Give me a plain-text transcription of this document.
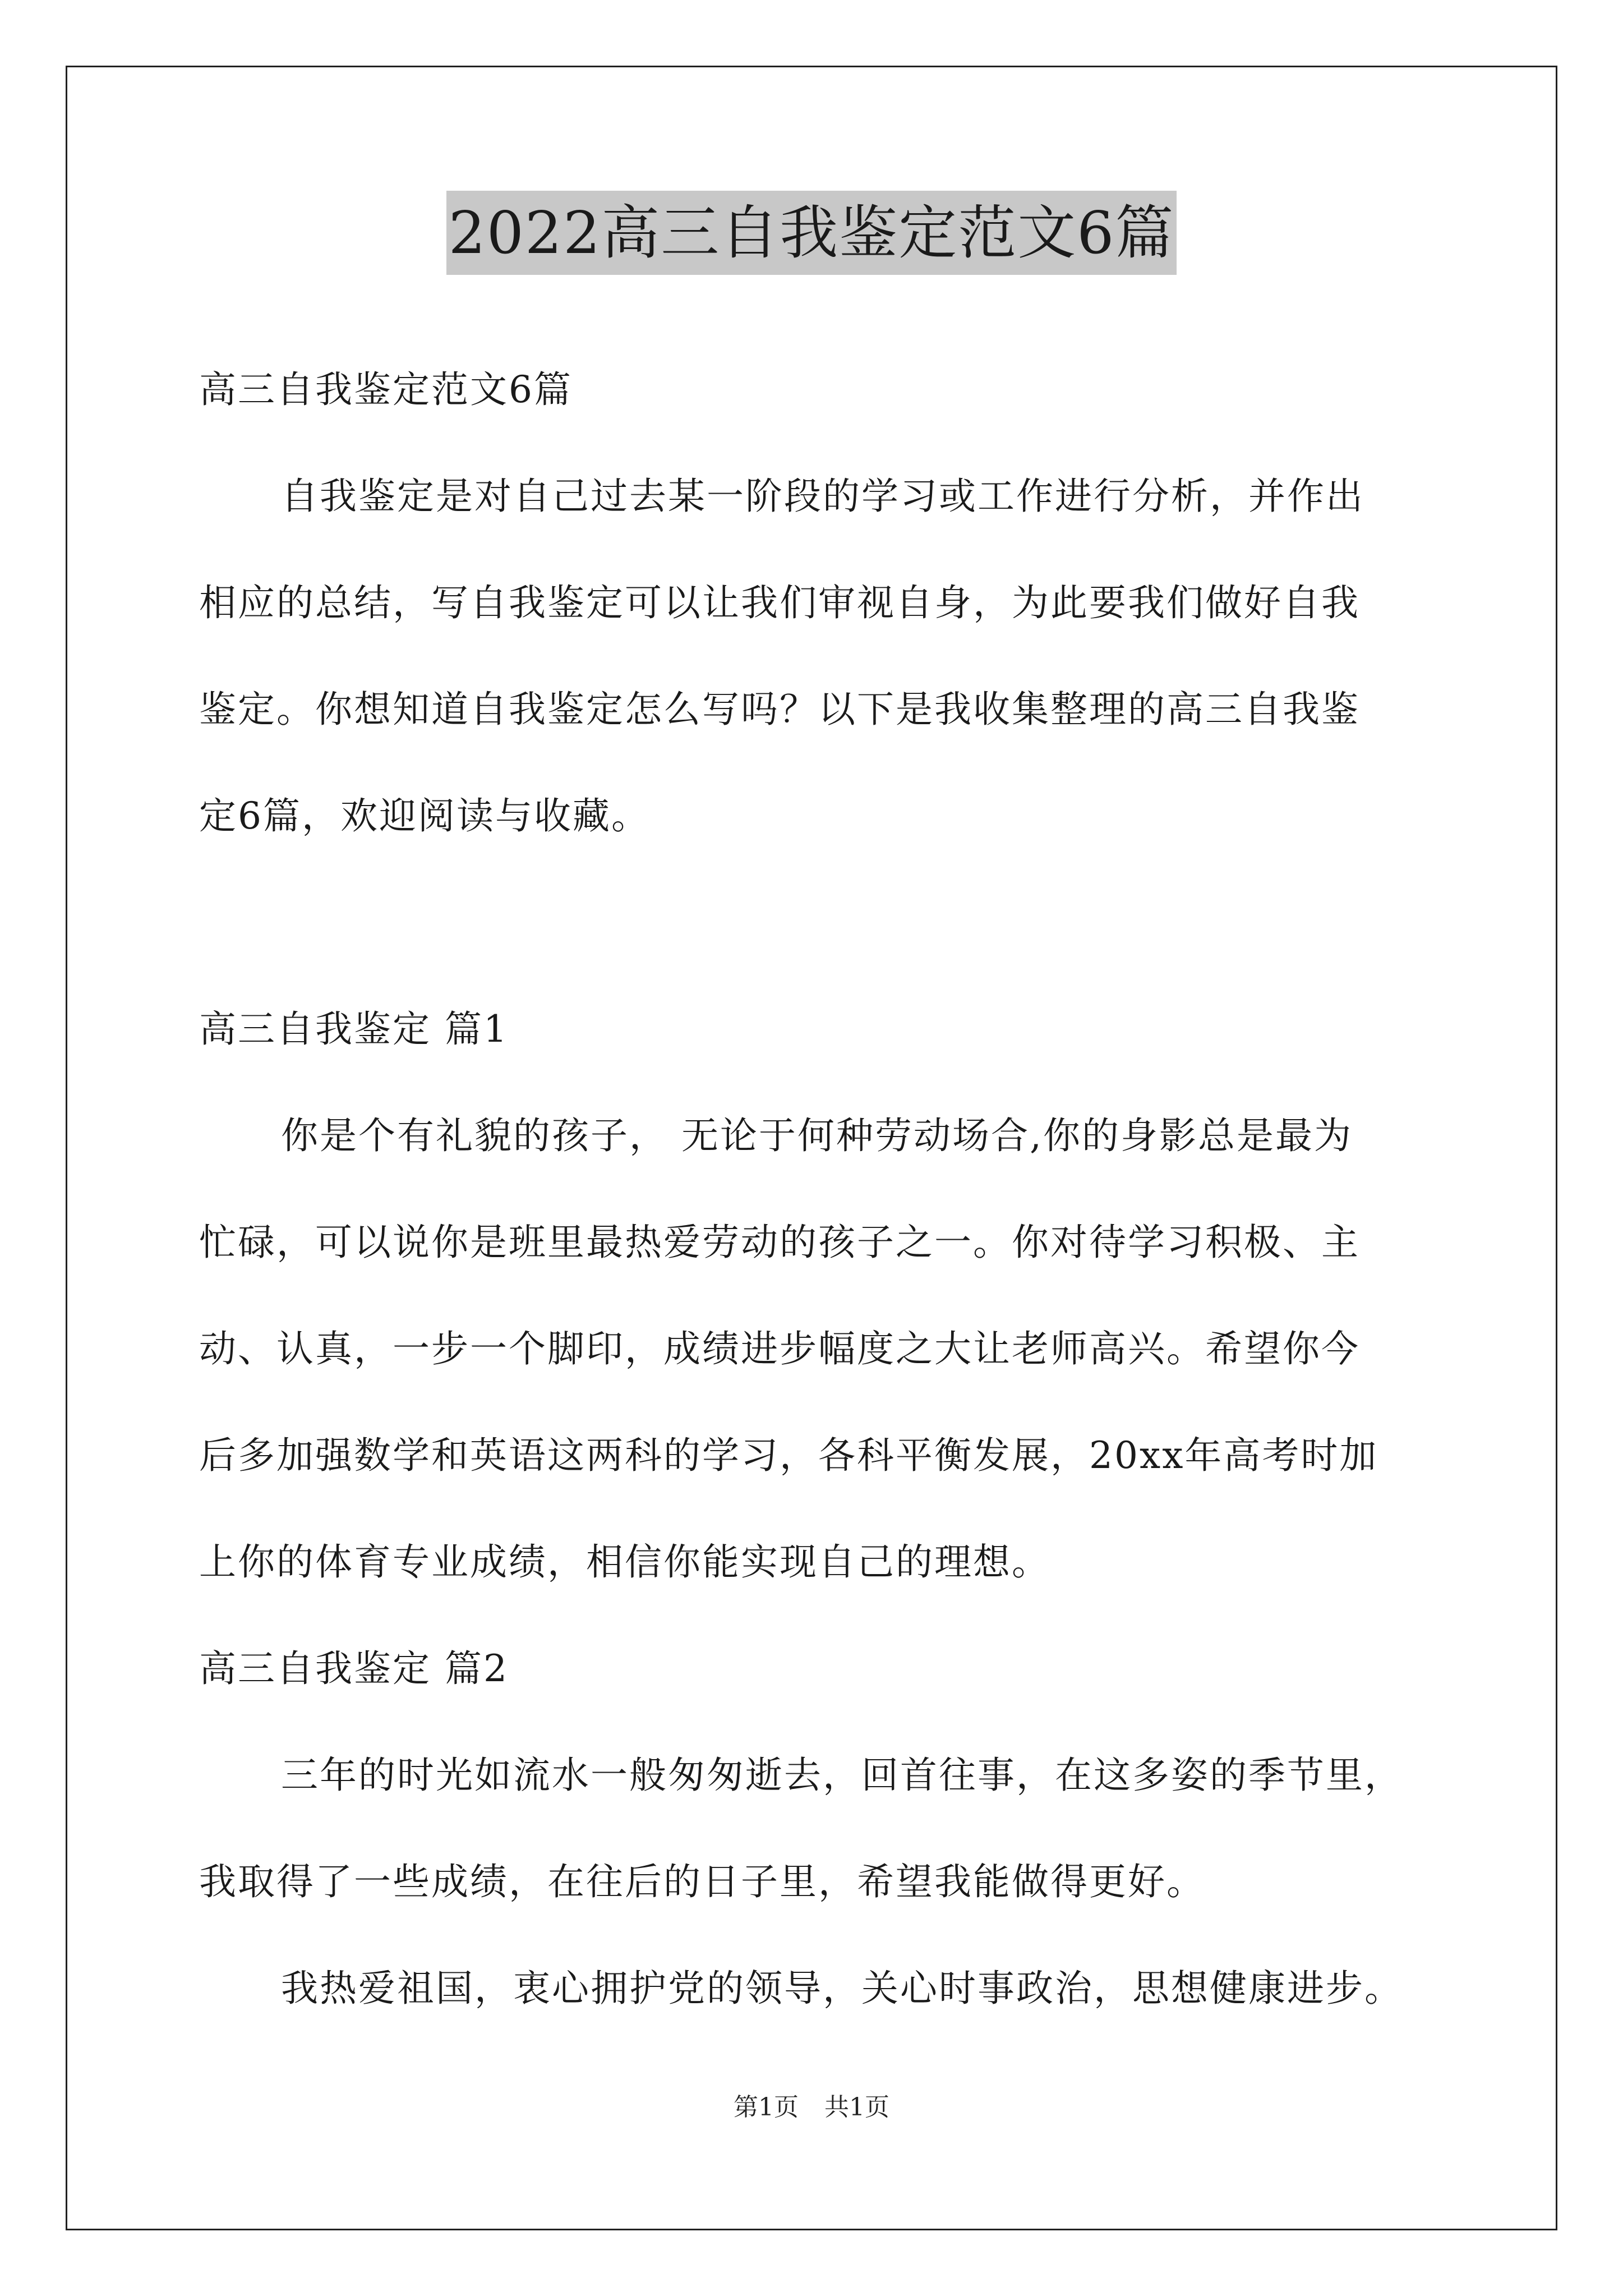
2022高三自我鉴定范文6篇
高三自我鉴定范文6篇
自我鉴定是对自己过去某一阶段的学习或工作进行分析，并作出
相应的总结，写自我鉴定可以让我们审视自身，为此要我们做好自我
鉴定。你想知道自我鉴定怎么写吗？以下是我收集整理的高三自我鉴
定6篇，欢迎阅读与收藏。
高三自我鉴定 篇1
你是个有礼貌的孩子， 无论于何种劳动场合,你的身影总是最为
忙碌，可以说你是班里最热爱劳动的孩子之一。你对待学习积极、主
动、认真，一步一个脚印，成绩进步幅度之大让老师高兴。希望你今
后多加强数学和英语这两科的学习，各科平衡发展，20xx年高考时加
上你的体育专业成绩，相信你能实现自己的理想。
高三自我鉴定 篇2
三年的时光如流水一般匆匆逝去，回首往事，在这多姿的季节里，
我取得了一些成绩，在往后的日子里，希望我能做得更好。
我热爱祖国，衷心拥护党的领导，关心时事政治，思想健康进步。
第1页 共1页
